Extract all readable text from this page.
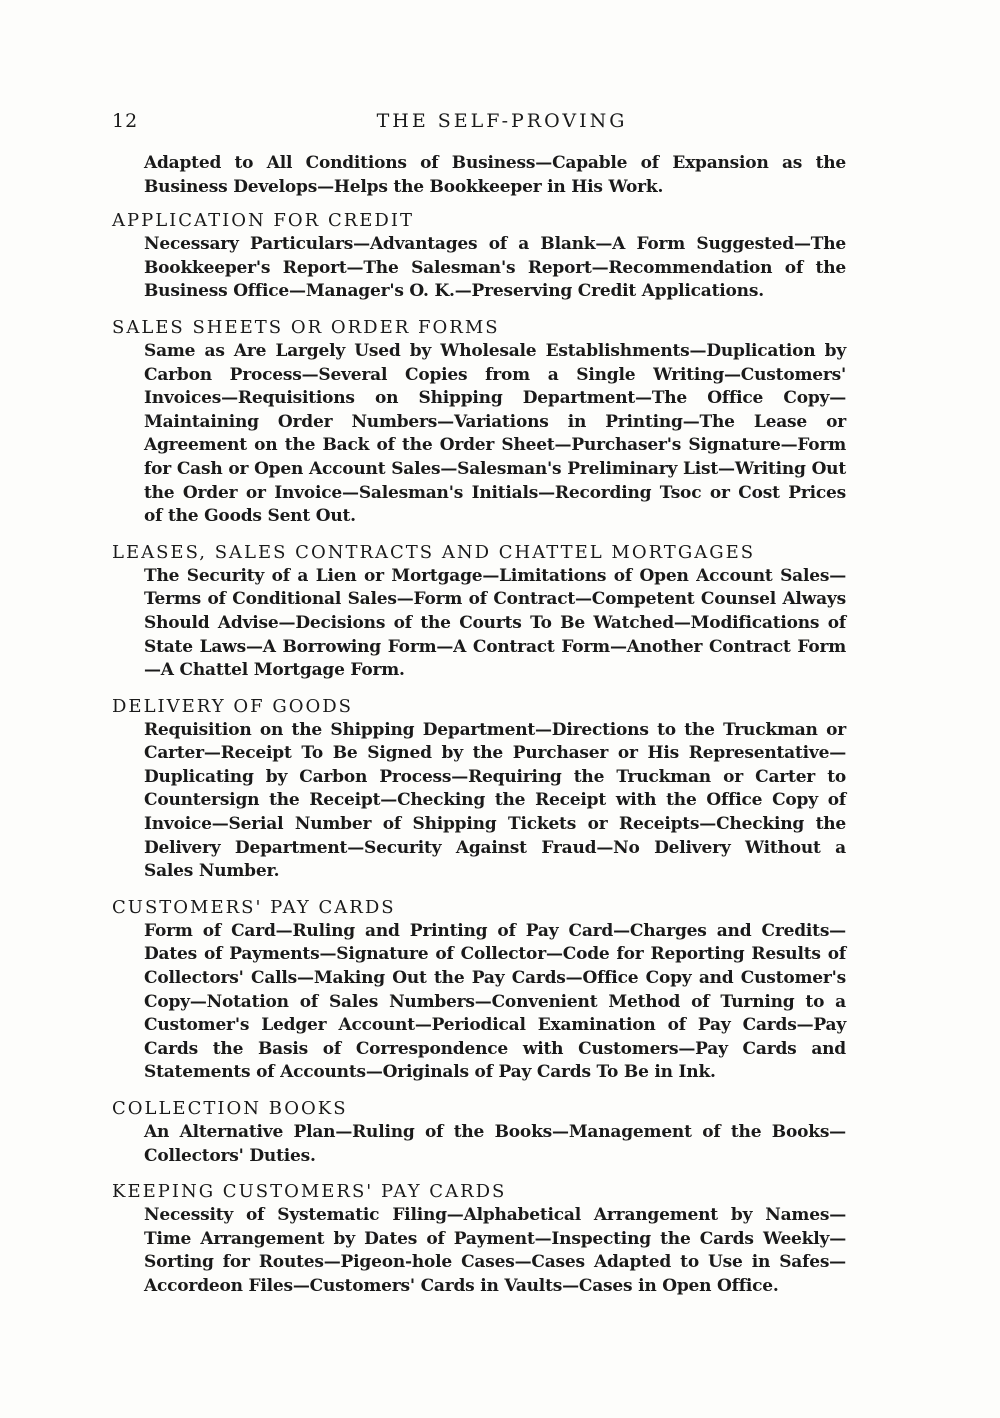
12	THE SELF-PROVING

Adapted to All Conditions of Business—Capable of Expansion as the Business Develops—Helps the Bookkeeper in His Work.

APPLICATION FOR CREDIT

Necessary Particulars—Advantages of a Blank—A Form Suggested—The Bookkeeper's Report—The Salesman's Report—Recommendation of the Business Office—Manager's O. K.—Preserving Credit Applications.

SALES SHEETS OR ORDER FORMS

Same as Are Largely Used by Wholesale Establishments—Duplication by Carbon Process—Several Copies from a Single Writing—Customers' Invoices—Requisitions on Shipping Department—The Office Copy—Maintaining Order Numbers—Variations in Printing—The Lease or Agreement on the Back of the Order Sheet—Purchaser's Signature—Form for Cash or Open Account Sales—Salesman's Preliminary List—Writing Out the Order or Invoice—Salesman's Initials—Recording Tsoc or Cost Prices of the Goods Sent Out.

LEASES, SALES CONTRACTS AND CHATTEL MORTGAGES

The Security of a Lien or Mortgage—Limitations of Open Account Sales—Terms of Conditional Sales—Form of Contract—Competent Counsel Always Should Advise—Decisions of the Courts To Be Watched—Modifications of State Laws—A Borrowing Form—A Contract Form—Another Contract Form—A Chattel Mortgage Form.

DELIVERY OF GOODS

Requisition on the Shipping Department—Directions to the Truckman or Carter—Receipt To Be Signed by the Purchaser or His Representative—Duplicating by Carbon Process—Requiring the Truckman or Carter to Countersign the Receipt—Checking the Receipt with the Office Copy of Invoice—Serial Number of Shipping Tickets or Receipts—Checking the Delivery Department—Security Against Fraud—No Delivery Without a Sales Number.

CUSTOMERS' PAY CARDS

Form of Card—Ruling and Printing of Pay Card—Charges and Credits—Dates of Payments—Signature of Collector—Code for Reporting Results of Collectors' Calls—Making Out the Pay Cards—Office Copy and Customer's Copy—Notation of Sales Numbers—Convenient Method of Turning to a Customer's Ledger Account—Periodical Examination of Pay Cards—Pay Cards the Basis of Correspondence with Customers—Pay Cards and Statements of Accounts—Originals of Pay Cards To Be in Ink.

COLLECTION BOOKS

An Alternative Plan—Ruling of the Books—Management of the Books—Collectors' Duties.

KEEPING CUSTOMERS' PAY CARDS

Necessity of Systematic Filing—Alphabetical Arrangement by Names—Time Arrangement by Dates of Payment—Inspecting the Cards Weekly—Sorting for Routes—Pigeon-hole Cases—Cases Adapted to Use in Safes—Accordeon Files—Customers' Cards in Vaults—Cases in Open Office.
